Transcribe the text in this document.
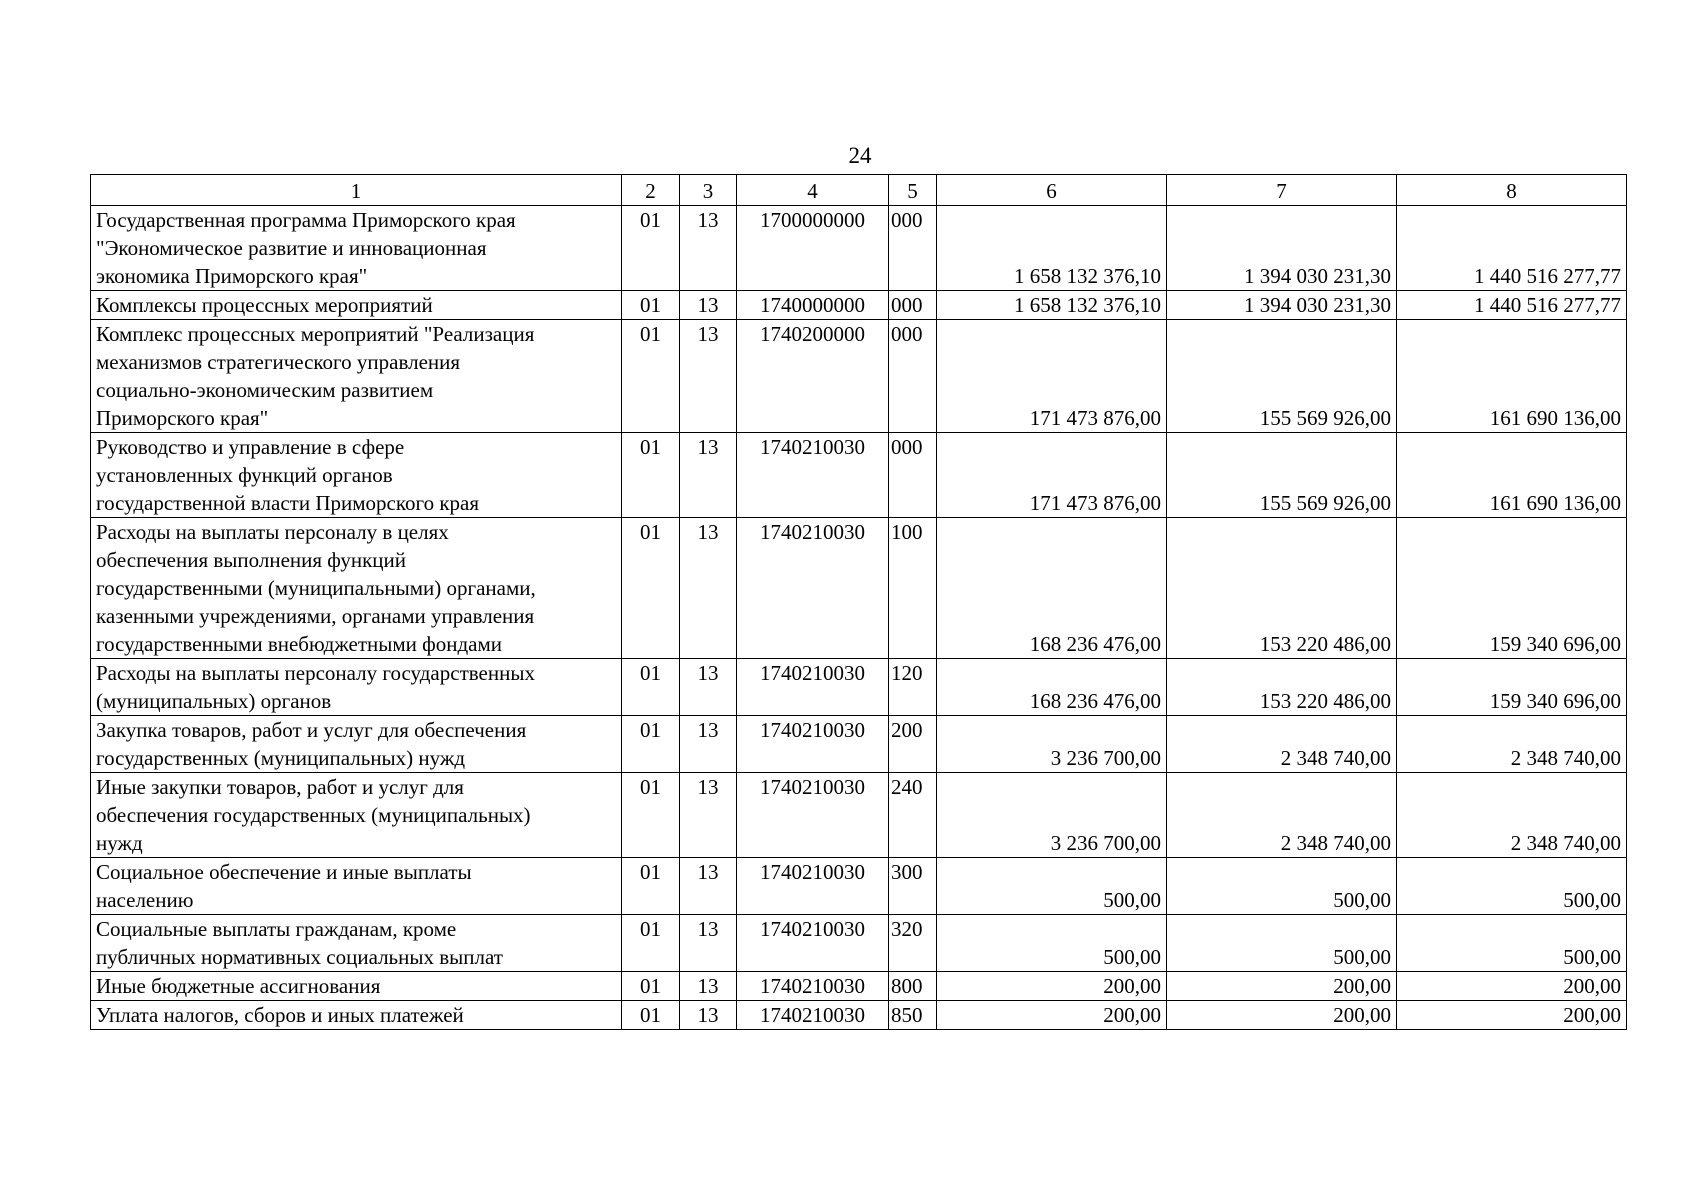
24
1	2	3	4	5	6	7	8

Государственная программа Приморского края
"Экономическое развитие и инновационная
экономика Приморского края"	01	13	1700000000	000	1 658 132 376,10	1 394 030 231,30	1 440 516 277,77

Комплексы процессных мероприятий	01	13	1740000000	000	1 658 132 376,10	1 394 030 231,30	1 440 516 277,77

Комплекс процессных мероприятий "Реализация
механизмов стратегического управления
социально-экономическим развитием
Приморского края"	01	13	1740200000	000	171 473 876,00	155 569 926,00	161 690 136,00

Руководство и управление в сфере
установленных функций органов
государственной власти Приморского края	01	13	1740210030	000	171 473 876,00	155 569 926,00	161 690 136,00

Расходы на выплаты персоналу в целях
обеспечения выполнения функций
государственными (муниципальными) органами,
казенными учреждениями, органами управления
государственными внебюджетными фондами	01	13	1740210030	100	168 236 476,00	153 220 486,00	159 340 696,00

Расходы на выплаты персоналу государственных
(муниципальных) органов	01	13	1740210030	120	168 236 476,00	153 220 486,00	159 340 696,00

Закупка товаров, работ и услуг для обеспечения
государственных (муниципальных) нужд	01	13	1740210030	200	3 236 700,00	2 348 740,00	2 348 740,00

Иные закупки товаров, работ и услуг для
обеспечения государственных (муниципальных)
нужд	01	13	1740210030	240	3 236 700,00	2 348 740,00	2 348 740,00

Социальное обеспечение и иные выплаты
населению	01	13	1740210030	300	500,00	500,00	500,00

Социальные выплаты гражданам, кроме
публичных нормативных социальных выплат	01	13	1740210030	320	500,00	500,00	500,00

Иные бюджетные ассигнования	01	13	1740210030	800	200,00	200,00	200,00

Уплата налогов, сборов и иных платежей	01	13	1740210030	850	200,00	200,00	200,00
